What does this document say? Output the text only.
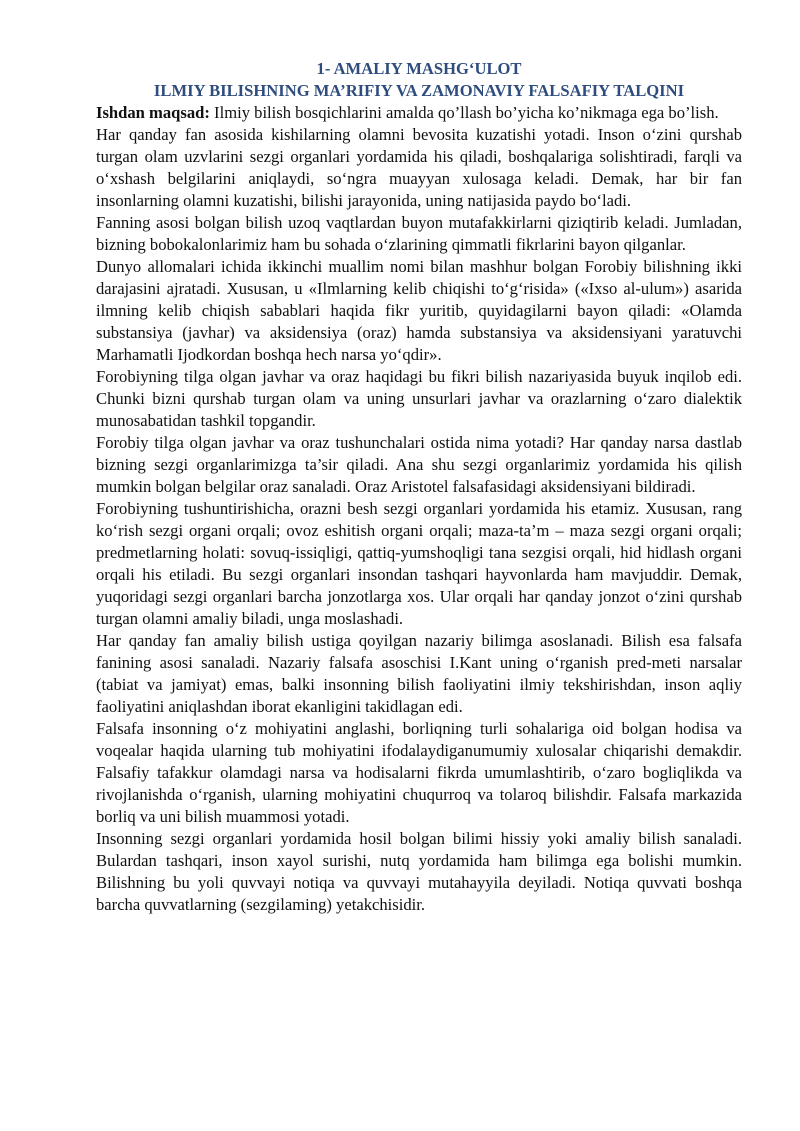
1- AMALIY MASHG‘ULOT
ILMIY BILISHNING MA’RIFIY VA ZAMONAVIY FALSAFIY TALQINI

Ishdan maqsad: Ilmiy bilish bosqichlarini amalda qo’llash bo’yicha ko’nikmaga ega bo’lish.

Har qanday fan asosida kishilarning olamni bevosita kuzatishi yotadi. Inson o‘zini qurshab turgan olam uzvlarini sezgi organlari yordamida his qiladi, boshqalariga solishtiradi, farqli va o‘xshash belgilarini aniqlaydi, so‘ngra muayyan xulosaga keladi. Demak, har bir fan insonlarning olamni kuzatishi, bilishi jarayonida, uning natijasida paydo bo‘ladi.

Fanning asosi bolgan bilish uzoq vaqtlardan buyon mutafakkirlarni qiziqtirib keladi. Jumladan, bizning bobokalonlarimiz ham bu sohada o‘zlarining qimmatli fikrlarini bayon qilganlar.

Dunyo allomalari ichida ikkinchi muallim nomi bilan mashhur bolgan Forobiy bilishning ikki darajasini ajratadi. Xususan, u «Ilmlarning kelib chiqishi to‘g‘risida» («Ixso al-ulum») asarida ilmning kelib chiqish sabablari haqida fikr yuritib, quyidagilarni bayon qiladi: «Olamda substansiya (javhar) va aksidensiya (oraz) hamda substansiya va aksidensiyani yaratuvchi Marhamatli Ijodkordan boshqa hech narsa yo‘qdir».

Forobiyning tilga olgan javhar va oraz haqidagi bu fikri bilish nazariyasida buyuk inqilob edi. Chunki bizni qurshab turgan olam va uning unsurlari javhar va orazlarning o‘zaro dialektik munosabatidan tashkil topgandir.

Forobiy tilga olgan javhar va oraz tushunchalari ostida nima yotadi? Har qanday narsa dastlab bizning sezgi organlarimizga ta’sir qiladi. Ana shu sezgi organlarimiz yordamida his qilish mumkin bolgan belgilar oraz sanaladi. Oraz Aristotel falsafasidagi aksidensiyani bildiradi.

Forobiyning tushuntirishicha, orazni besh sezgi organlari yordamida his etamiz. Xususan, rang ko‘rish sezgi organi orqali; ovoz eshitish organi orqali; maza-ta’m – maza sezgi organi orqali; predmetlarning holati: sovuq-issiqligi, qattiq-yumshoqligi tana sezgisi orqali, hid hidlash organi orqali his etiladi. Bu sezgi organlari insondan tashqari hayvonlarda ham mavjuddir. Demak, yuqoridagi sezgi organlari barcha jonzotlarga xos. Ular orqali har qanday jonzot o‘zini qurshab turgan olamni amaliy biladi, unga moslashadi.

Har qanday fan amaliy bilish ustiga qoyilgan nazariy bilimga asoslanadi. Bilish esa falsafa fanining asosi sanaladi. Nazariy falsafa asoschisi I.Kant uning o‘rganish pred-meti narsalar (tabiat va jamiyat) emas, balki insonning bilish faoliyatini ilmiy tekshirishdan, inson aqliy faoliyatini aniqlashdan iborat ekanligini takidlagan edi.

Falsafa insonning o‘z mohiyatini anglashi, borliqning turli sohalariga oid bolgan hodisa va voqealar haqida ularning tub mohiyatini ifodalaydiganumumiy xulosalar chiqarishi demakdir. Falsafiy tafakkur olamdagi narsa va hodisalarni fikrda umumlashtirib, o‘zaro bogliqlikda va rivojlanishda o‘rganish, ularning mohiyatini chuqurroq va tolaroq bilishdir. Falsafa markazida borliq va uni bilish muammosi yotadi.

Insonning sezgi organlari yordamida hosil bolgan bilimi hissiy yoki amaliy bilish sanaladi. Bulardan tashqari, inson xayol surishi, nutq yordamida ham bilimga ega bolishi mumkin. Bilishning bu yoli quvvayi notiqa va quvvayi mutahayyila deyiladi. Notiqa quvvati boshqa barcha quvvatlarning (sezgilaming) yetakchisidir.
